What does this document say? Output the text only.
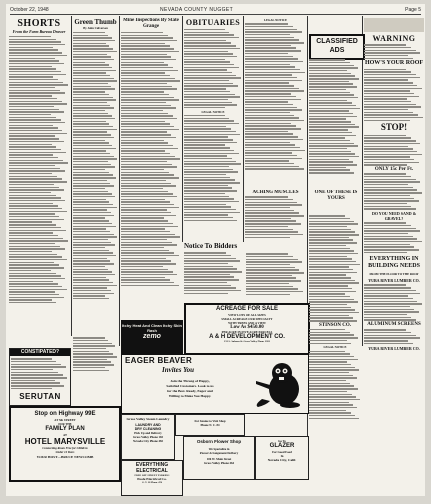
October 22, 1948	NEVADA COUNTY NUGGET	Page 5
SHORTS
From the Farm Bureau Drawer
Green Thumb
By John Culverson
Mine Inspections By State Grange	OBITUARIES
LEGAL NOTICE
LEGAL NOTICE
ONE OF THESE IS YOURS
ACHING MUSCLES
CLASSIFIED ADS
WARNING
HOW'S YOUR ROOF
STOP!
ONLY 15c Per Ft.
DO YOU NEED SAND & GRAVEL?
EVERYTHING IN BUILDING NEEDS
FROM THE FLOOR TO THE ROOF
YUBA RIVER LUMBER CO.
ALUMINUM SCREENS
YUBA RIVER LUMBER CO.
Notice To Bidders
ACREAGE FOR SALE
VIEW LOTS OF ALL SIZES
SMALL ACREAGE OUR SPECIALTY
WITH TREES AND A VIEW
Low As $450.00
PER ACRE IN FIVE ACRE PARCELS
A & H DEVELOPMENT CO.
152 S. Auburn St. Grass Valley Phone 1381
STINSON CO.
LEGAL NOTICE
CONSTIPATED?
SERUTAN
Itchy Heat And Clean Itchy Skin Rash
zemo
Stop on Highway 99E
AT 5th STREET
FOR THE
FAMILY PLAN
AT
HOTEL MARYSVILLE
Connecting Room Free for Children
Under 12 Years
YOUR HOST—BRUCE NEWCOMB
EAGER BEAVER
Invites You
Join the Throng of Happy,
Satisfied Customers. Look to us
for the Best. Ready, Eager and
Willing to Make You Happy.
Grass Valley Steam Laundry
LAUNDRY AND
DRY CLEANING
Pick Up and Delivery
Grass Valley Phone 165
Nevada City Phone 482
For Smoke to Visit Shop
Phone N. C. 84
EVERYTHING
ELECTRICAL
FREE OFF STREET PARKING
Poole Electrical Co.
G. V. 18 Phone 476
Osborn Flower Shop
We Specialize in
Flower Arrangement Delivery
106 W. Main Street
Grass Valley Phone 464
Go To
GLAZER
For Good Food
In
Nevada City, Calif.
